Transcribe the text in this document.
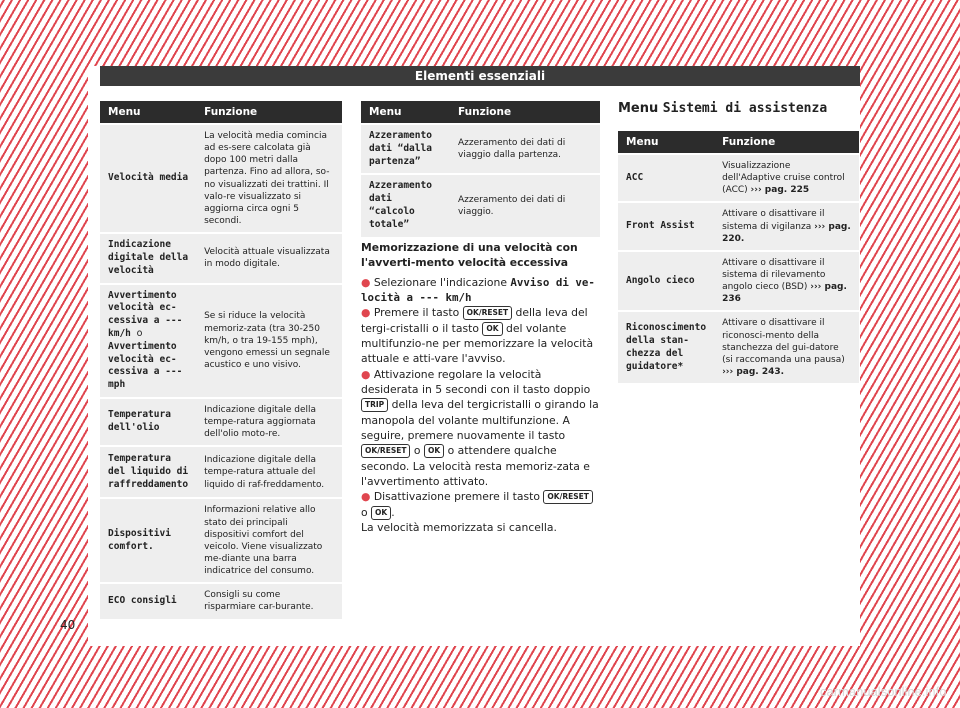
Elementi essenziali
Menu	Funzione
Velocità media	La velocità media comincia ad es-sere calcolata già dopo 100 metri dalla partenza. Fino ad allora, so-no visualizzati dei trattini. Il valo-re visualizzato si aggiorna circa ogni 5 secondi.
Indicazione digitale della velocità	Velocità attuale visualizzata in modo digitale.
Avvertimento velocità ec-cessiva a --- km/h o Avvertimento velocità ec-cessiva a --- mph	Se si riduce la velocità memoriz-zata (tra 30-250 km/h, o tra 19-155 mph), vengono emessi un segnale acustico e uno visivo.
Temperatura dell'olio	Indicazione digitale della tempe-ratura aggiornata dell'olio moto-re.
Temperatura del liquido di raffreddamento	Indicazione digitale della tempe-ratura attuale del liquido di raf-freddamento.
Dispositivi comfort.	Informazioni relative allo stato dei principali dispositivi comfort del veicolo. Viene visualizzato me-diante una barra indicatrice del consumo.
ECO consigli	Consigli su come risparmiare car-burante.
Menu	Funzione
Azzeramento dati “dalla partenza”	Azzeramento dei dati di viaggio dalla partenza.
Azzeramento dati “calcolo totale”	Azzeramento dei dati di viaggio.
Memorizzazione di una velocità con l'avverti-mento velocità eccessiva

● Selezionare l'indicazione Avviso di ve-locità a --- km/h

● Premere il tasto OK/RESET della leva del tergi-cristalli o il tasto OK del volante multifunzio-ne per memorizzare la velocità attuale e atti-vare l'avviso.

● Attivazione regolare la velocità desiderata in 5 secondi con il tasto doppio TRIP della leva del tergicristalli o girando la manopola del volante multifunzione. A seguire, premere nuovamente il tasto OK/RESET o OK o attendere qualche secondo. La velocità resta memoriz-zata e l'avvertimento attivato.

● Disattivazione premere il tasto OK/RESET o OK .

La velocità memorizzata si cancella.

Menu Sistemi di assistenza
Menu	Funzione
ACC	Visualizzazione dell'Adaptive cruise control (ACC) ››› pag. 225
Front Assist	Attivare o disattivare il sistema di vigilanza ››› pag. 220.
Angolo cieco	Attivare o disattivare il sistema di rilevamento angolo cieco (BSD) ››› pag. 236
Riconoscimento della stan-chezza del guidatore*	Attivare o disattivare il riconosci-mento della stanchezza del gui-datore (si raccomanda una pausa) ››› pag. 243.
40
carmanualsonline.info
